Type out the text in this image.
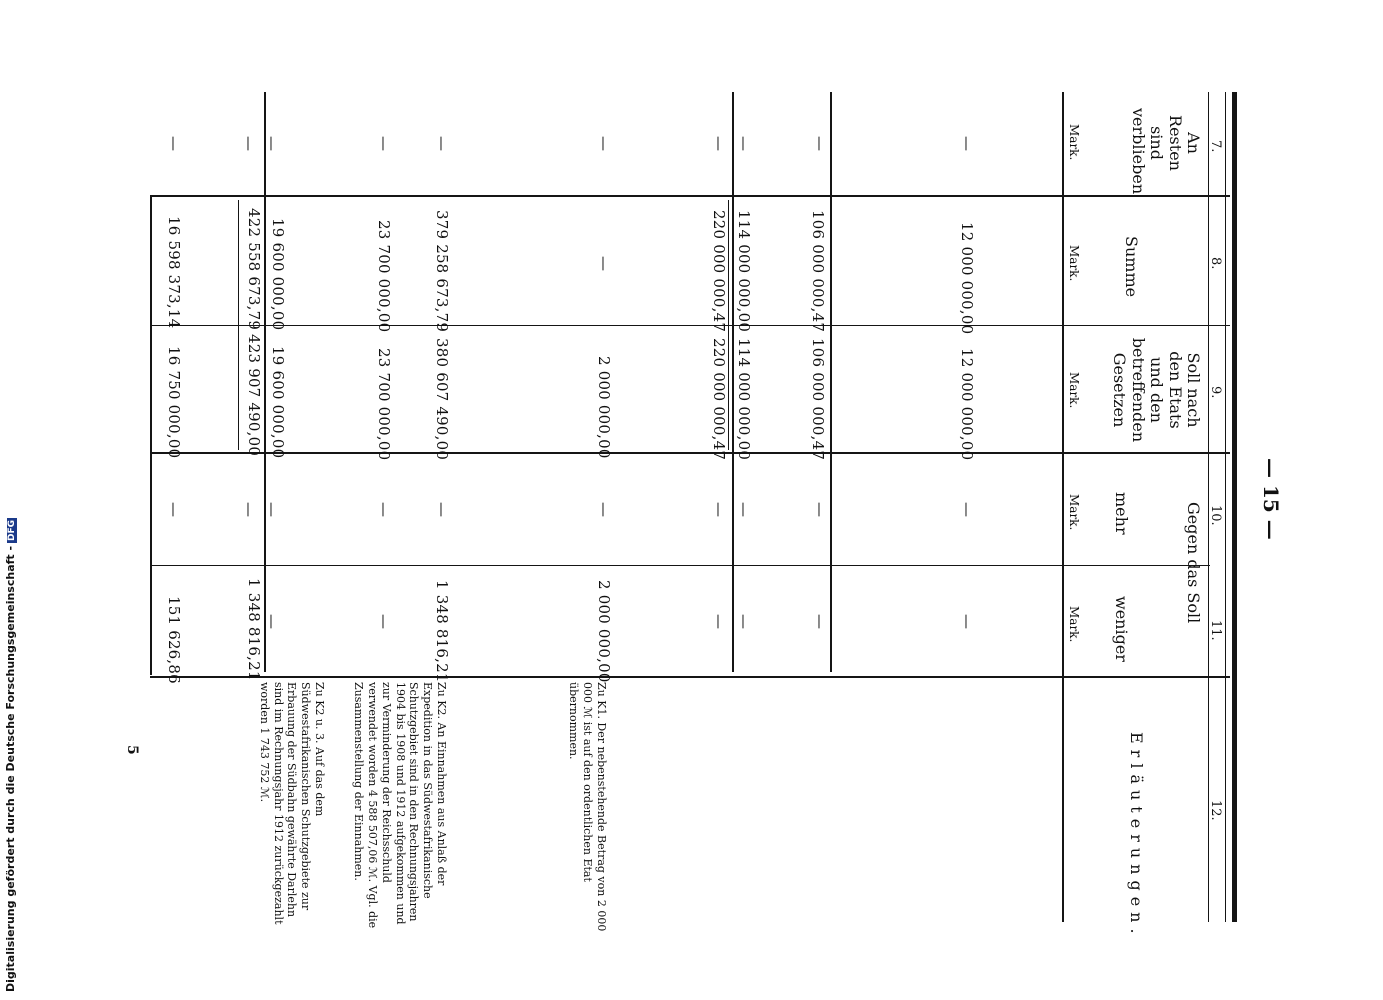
— 15 —
Digitalisierung gefördert durch die Deutsche Forschungsgemeinschaft -DFG
5
7.
8.
9.
10.
11.
12.
An Resten sind verblieben
Summe
Soll nach den Etats und den betreffenden Gesetzen
Gegen das Soll
mehr
weniger
Erläuterungen.
Mark.
Mark.
Mark.
Mark.
Mark.
—
12 000 000,00
12 000 000,00
—
—
—
106 000 000,47
106 000 000,47
—
—
—
114 000 000,00
114 000 000,00
—
—
—
220 000 000,47
220 000 000,47
—
—
—
—
2 000 000,00
—
2 000 000,00
Zu K1. Der nebenstehende Betrag von 2 000 000 ℳ ist auf den ordentlichen Etat übernommen.
—
379 258 673,79
380 607 490,00
—
1 348 816,21
Zu K2. An Einnahmen aus Anlaß der Expedition in das Südwestafrikanische Schutzgebiet sind in den Rechnungsjahren 1904 bis 1908 und 1912 aufgekommen und zur Verminderung der Reichsschuld verwendet worden 4 588 507,06 ℳ. Vgl. die Zusammenstellung der Einnahmen.
—
23 700 000,00
23 700 000,00
—
—
Zu K2 u. 3. Auf das dem Südwestafrikanischen Schutzgebiete zur Erbauung der Südbahn gewährte Darlehn sind im Rechnungsjahr 1912 zurückgezahlt worden 1 743 752 ℳ.
—
19 600 000,00
19 600 000,00
—
—
—
422 558 673,79
423 907 490,00
—
1 348 816,21
—
16 598 373,14
16 750 000,00
—
151 626,86
